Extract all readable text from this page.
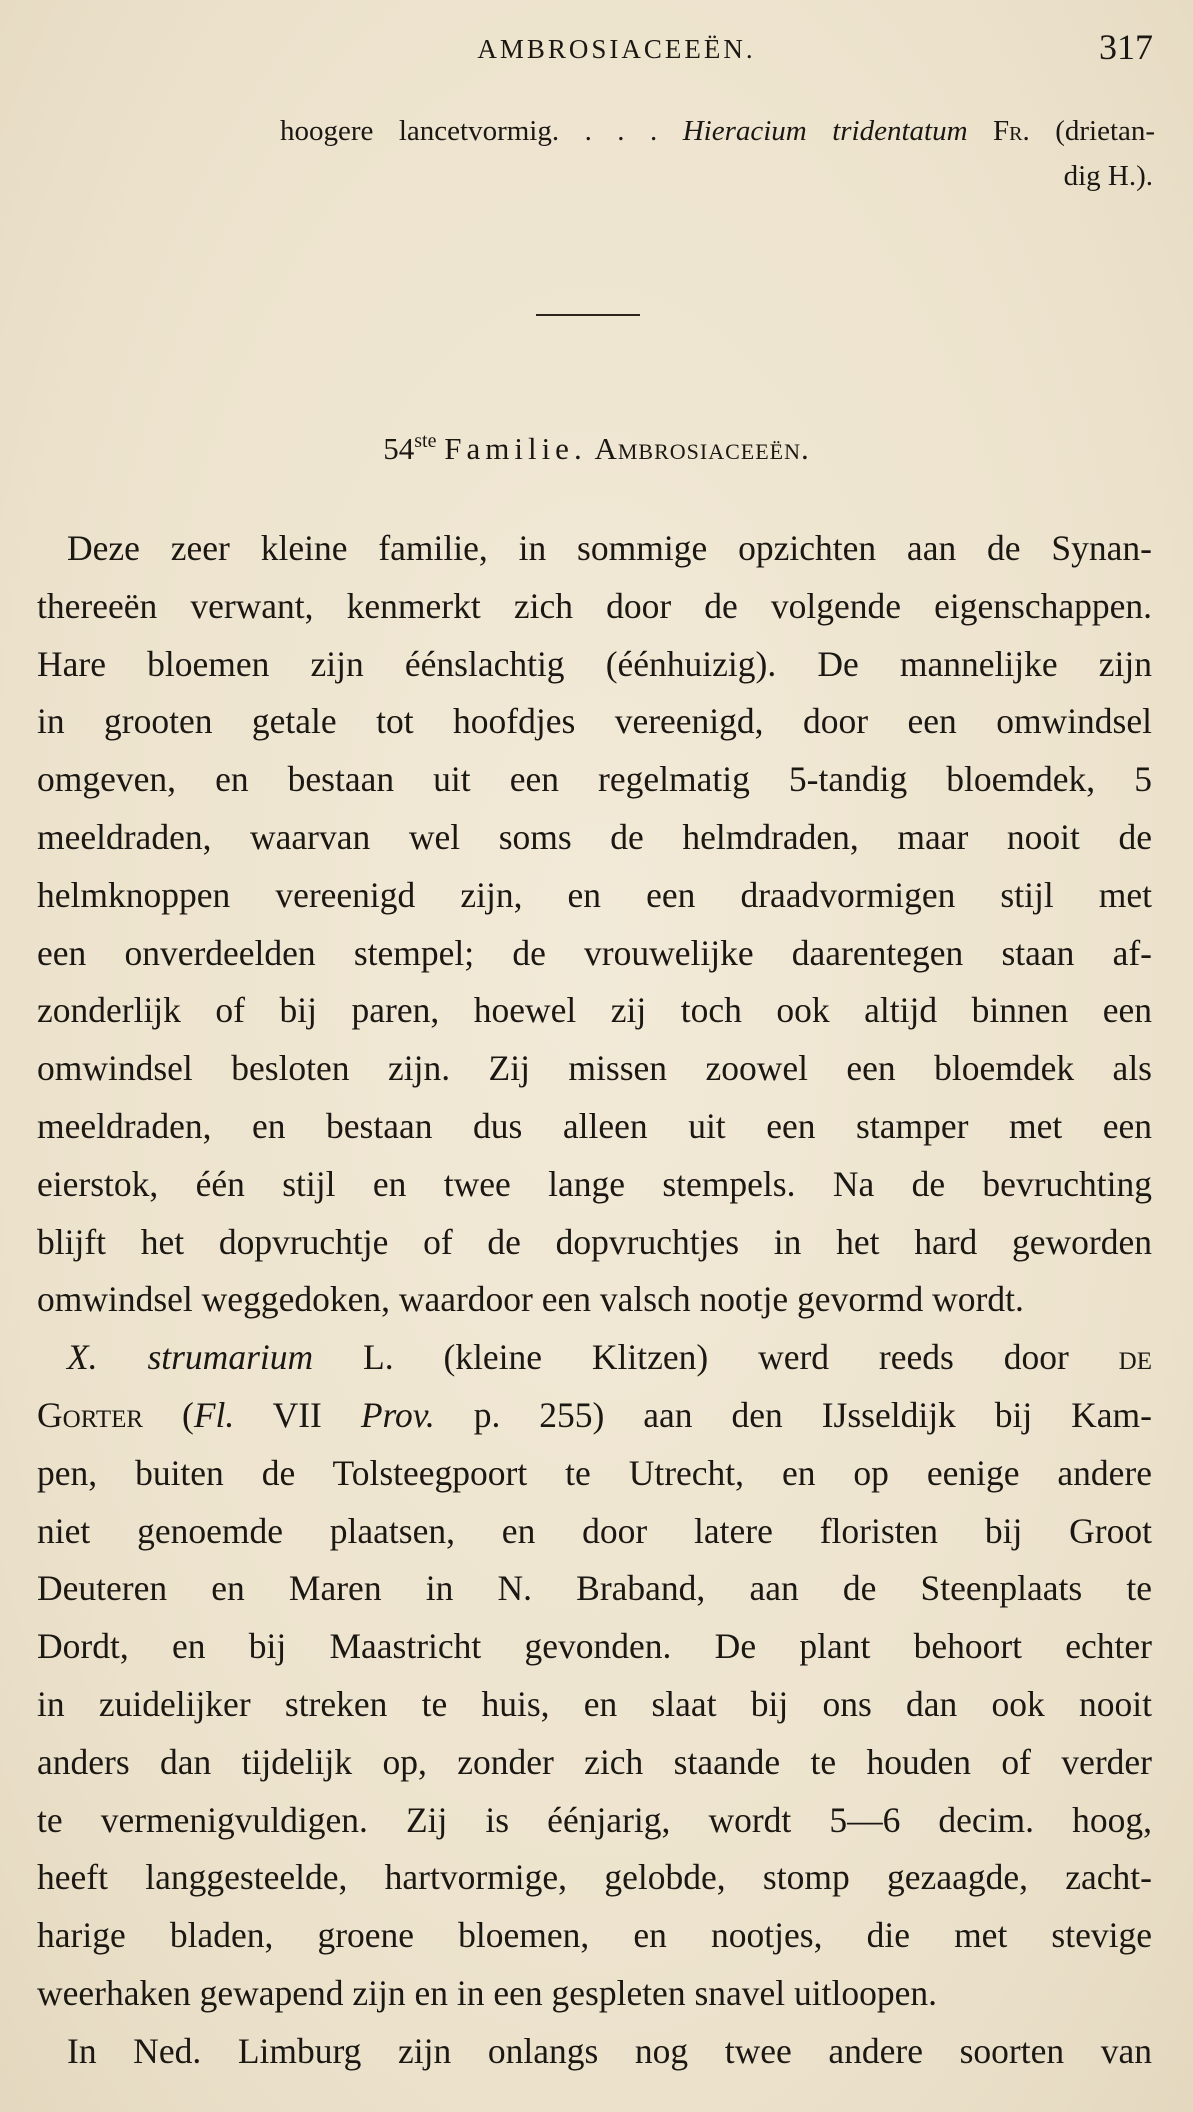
AMBROSIACEEËN.	317
hoogere lancetvormig. . . . Hieracium tridentatum Fr. (drietan-
dig H.).
54ste Familie. Ambrosiaceeën.
Deze zeer kleine familie, in sommige opzichten aan de Synan-
thereeën verwant, kenmerkt zich door de volgende eigenschappen.
Hare bloemen zijn éénslachtig (éénhuizig). De mannelijke zijn
in grooten getale tot hoofdjes vereenigd, door een omwindsel
omgeven, en bestaan uit een regelmatig 5-tandig bloemdek, 5
meeldraden, waarvan wel soms de helmdraden, maar nooit de
helmknoppen vereenigd zijn, en een draadvormigen stijl met
een onverdeelden stempel; de vrouwelijke daarentegen staan af-
zonderlijk of bij paren, hoewel zij toch ook altijd binnen een
omwindsel besloten zijn. Zij missen zoowel een bloemdek als
meeldraden, en bestaan dus alleen uit een stamper met een
eierstok, één stijl en twee lange stempels. Na de bevruchting
blijft het dopvruchtje of de dopvruchtjes in het hard geworden
omwindsel weggedoken, waardoor een valsch nootje gevormd wordt.
X. strumarium L. (kleine Klitzen) werd reeds door de
Gorter (Fl. VII Prov. p. 255) aan den IJsseldijk bij Kam-
pen, buiten de Tolsteegpoort te Utrecht, en op eenige andere
niet genoemde plaatsen, en door latere floristen bij Groot
Deuteren en Maren in N. Braband, aan de Steenplaats te
Dordt, en bij Maastricht gevonden. De plant behoort echter
in zuidelijker streken te huis, en slaat bij ons dan ook nooit
anders dan tijdelijk op, zonder zich staande te houden of verder
te vermenigvuldigen. Zij is éénjarig, wordt 5—6 decim. hoog,
heeft langgesteelde, hartvormige, gelobde, stomp gezaagde, zacht-
harige bladen, groene bloemen, en nootjes, die met stevige
weerhaken gewapend zijn en in een gespleten snavel uitloopen.
In Ned. Limburg zijn onlangs nog twee andere soorten van
